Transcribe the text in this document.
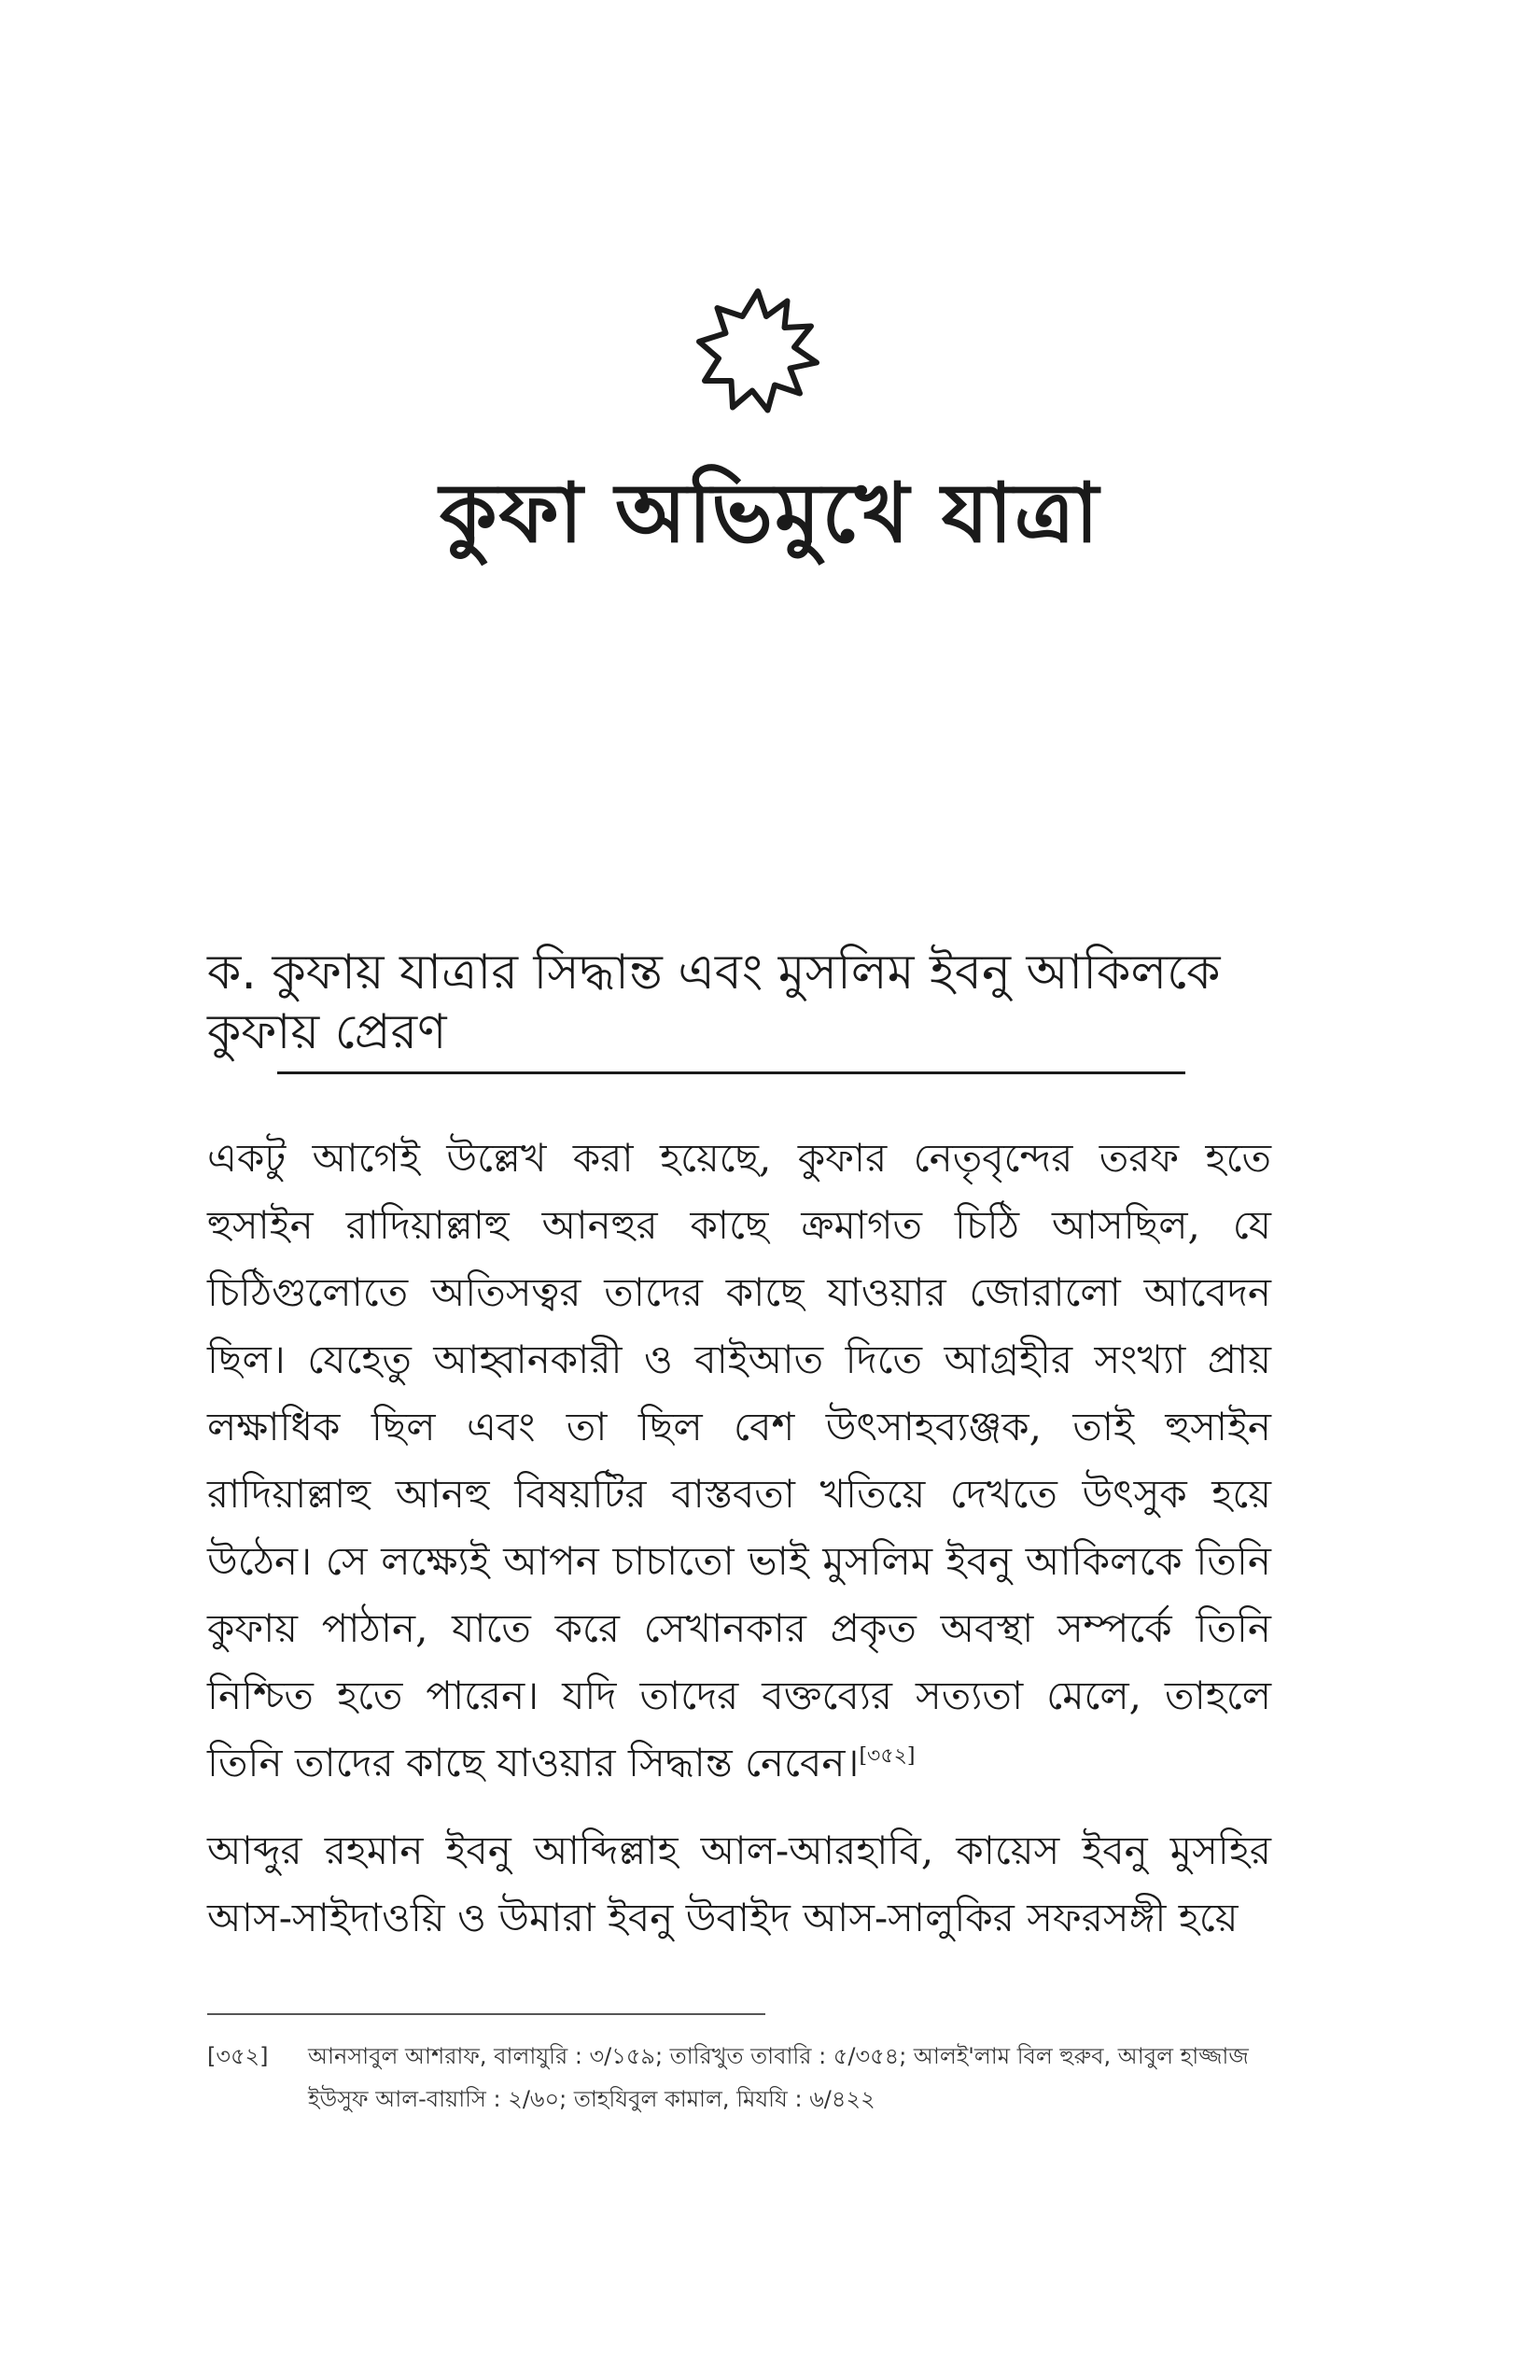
কুফা অভিমুখে যাত্রা
ক. কুফায় যাত্রার সিদ্ধান্ত এবং মুসলিম ইবনু আকিলকে কুফায় প্রেরণ

একটু আগেই উল্লেখ করা হয়েছে, কুফার নেতৃবৃন্দের তরফ হতে হুসাইন রাদিয়াল্লাহু আনহুর কাছে ক্রমাগত চিঠি আসছিল, যে চিঠিগুলোতে অতিসত্বর তাদের কাছে যাওয়ার জোরালো আবেদন ছিল। যেহেতু আহ্বানকারী ও বাইআত দিতে আগ্রহীর সংখ্যা প্রায় লক্ষাধিক ছিল এবং তা ছিল বেশ উৎসাহব্যঞ্জক, তাই হুসাইন রাদিয়াল্লাহু আনহু বিষয়টির বাস্তবতা খতিয়ে দেখতে উৎসুক হয়ে উঠেন। সে লক্ষ্যেই আপন চাচাতো ভাই মুসলিম ইবনু আকিলকে তিনি কুফায় পাঠান, যাতে করে সেখানকার প্রকৃত অবস্থা সম্পর্কে তিনি নিশ্চিত হতে পারেন। যদি তাদের বক্তব্যের সত্যতা মেলে, তাহলে তিনি তাদের কাছে যাওয়ার সিদ্ধান্ত নেবেন।[৩৫২]

আব্দুর রহমান ইবনু আব্দিল্লাহ আল-আরহাবি, কায়েস ইবনু মুসহির আস-সাইদাওয়ি ও উমারা ইবনু উবাইদ আস-সালুকির সফরসঙ্গী হয়ে

[৩৫২] আনসাবুল আশরাফ, বালাযুরি : ৩/১৫৯; তারিখুত তাবারি : ৫/৩৫৪; আলই'লাম বিল হুরুব, আবুল হাজ্জাজ ইউসুফ আল-বায়াসি : ২/৬০; তাহযিবুল কামাল, মিযযি : ৬/৪২২
